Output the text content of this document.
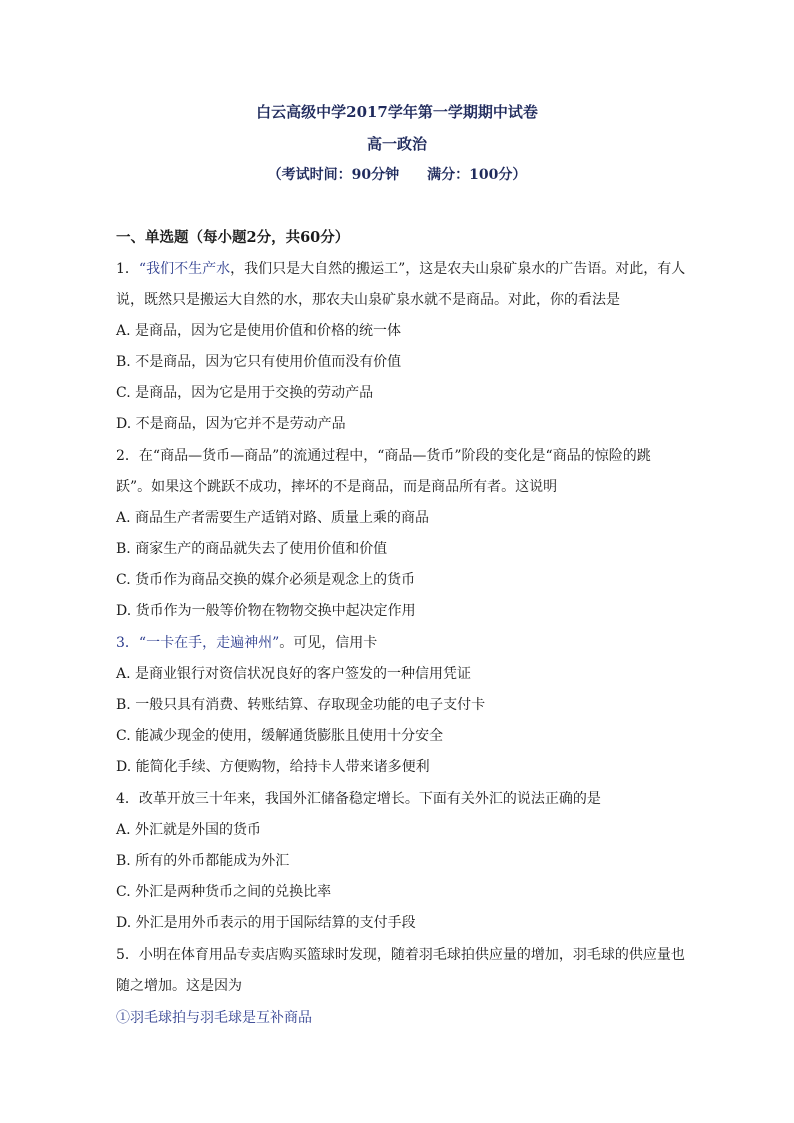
白云高级中学2017学年第一学期期中试卷
高一政治
（考试时间：90分钟 满分：100分）
一、单选题（每小题2分，共60分）
1．“我们不生产水，我们只是大自然的搬运工”，这是农夫山泉矿泉水的广告语。对此，有人
说，既然只是搬运大自然的水，那农夫山泉矿泉水就不是商品。对此，你的看法是
A. 是商品，因为它是使用价值和价格的统一体
B. 不是商品，因为它只有使用价值而没有价值
C. 是商品，因为它是用于交换的劳动产品
D. 不是商品，因为它并不是劳动产品
2．在“商品—货币—商品”的流通过程中，“商品—货币”阶段的变化是“商品的惊险的跳
跃”。如果这个跳跃不成功，摔坏的不是商品，而是商品所有者。这说明
A. 商品生产者需要生产适销对路、质量上乘的商品
B. 商家生产的商品就失去了使用价值和价值
C. 货币作为商品交换的媒介必须是观念上的货币
D. 货币作为一般等价物在物物交换中起决定作用
3．“一卡在手，走遍神州”。可见，信用卡
A. 是商业银行对资信状况良好的客户签发的一种信用凭证
B. 一般只具有消费、转账结算、存取现金功能的电子支付卡
C. 能减少现金的使用，缓解通货膨胀且使用十分安全
D. 能简化手续、方便购物，给持卡人带来诸多便利
4．改革开放三十年来，我国外汇储备稳定增长。下面有关外汇的说法正确的是
A. 外汇就是外国的货币
B. 所有的外币都能成为外汇
C. 外汇是两种货币之间的兑换比率
D. 外汇是用外币表示的用于国际结算的支付手段
5．小明在体育用品专卖店购买篮球时发现，随着羽毛球拍供应量的增加，羽毛球的供应量也
随之增加。这是因为
①羽毛球拍与羽毛球是互补商品
